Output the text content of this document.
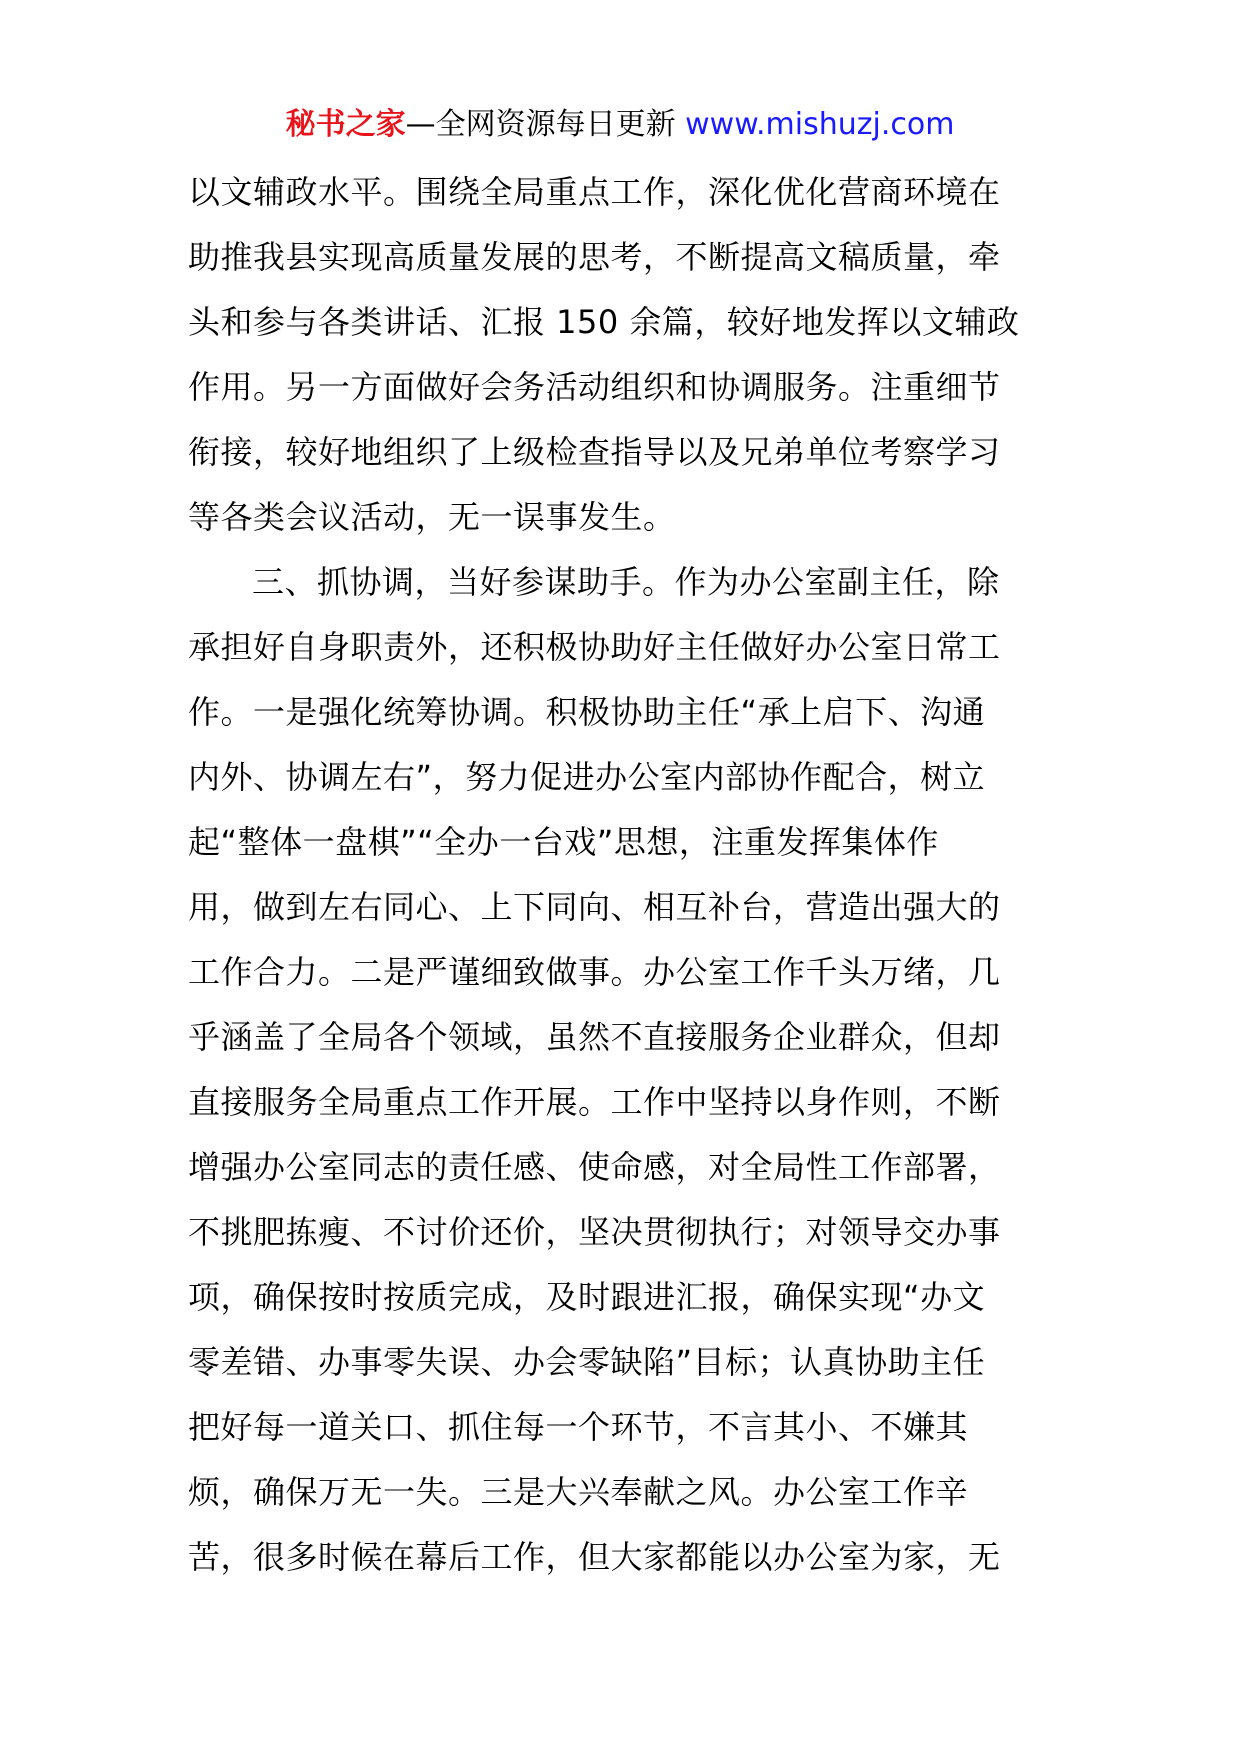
秘书之家—全网资源每日更新 www.mishuzj.com
以文辅政水平。围绕全局重点工作，深化优化营商环境在
助推我县实现高质量发展的思考，不断提高文稿质量，牵
头和参与各类讲话、汇报 150 余篇，较好地发挥以文辅政
作用。另一方面做好会务活动组织和协调服务。注重细节
衔接，较好地组织了上级检查指导以及兄弟单位考察学习
等各类会议活动，无一误事发生。
三、抓协调，当好参谋助手。作为办公室副主任，除
承担好自身职责外，还积极协助好主任做好办公室日常工
作。一是强化统筹协调。积极协助主任“承上启下、沟通
内外、协调左右”，努力促进办公室内部协作配合，树立
起“整体一盘棋”“全办一台戏”思想，注重发挥集体作
用，做到左右同心、上下同向、相互补台，营造出强大的
工作合力。二是严谨细致做事。办公室工作千头万绪，几
乎涵盖了全局各个领域，虽然不直接服务企业群众，但却
直接服务全局重点工作开展。工作中坚持以身作则，不断
增强办公室同志的责任感、使命感，对全局性工作部署，
不挑肥拣瘦、不讨价还价，坚决贯彻执行；对领导交办事
项，确保按时按质完成，及时跟进汇报，确保实现“办文
零差错、办事零失误、办会零缺陷”目标；认真协助主任
把好每一道关口、抓住每一个环节，不言其小、不嫌其
烦，确保万无一失。三是大兴奉献之风。办公室工作辛
苦，很多时候在幕后工作，但大家都能以办公室为家，无
